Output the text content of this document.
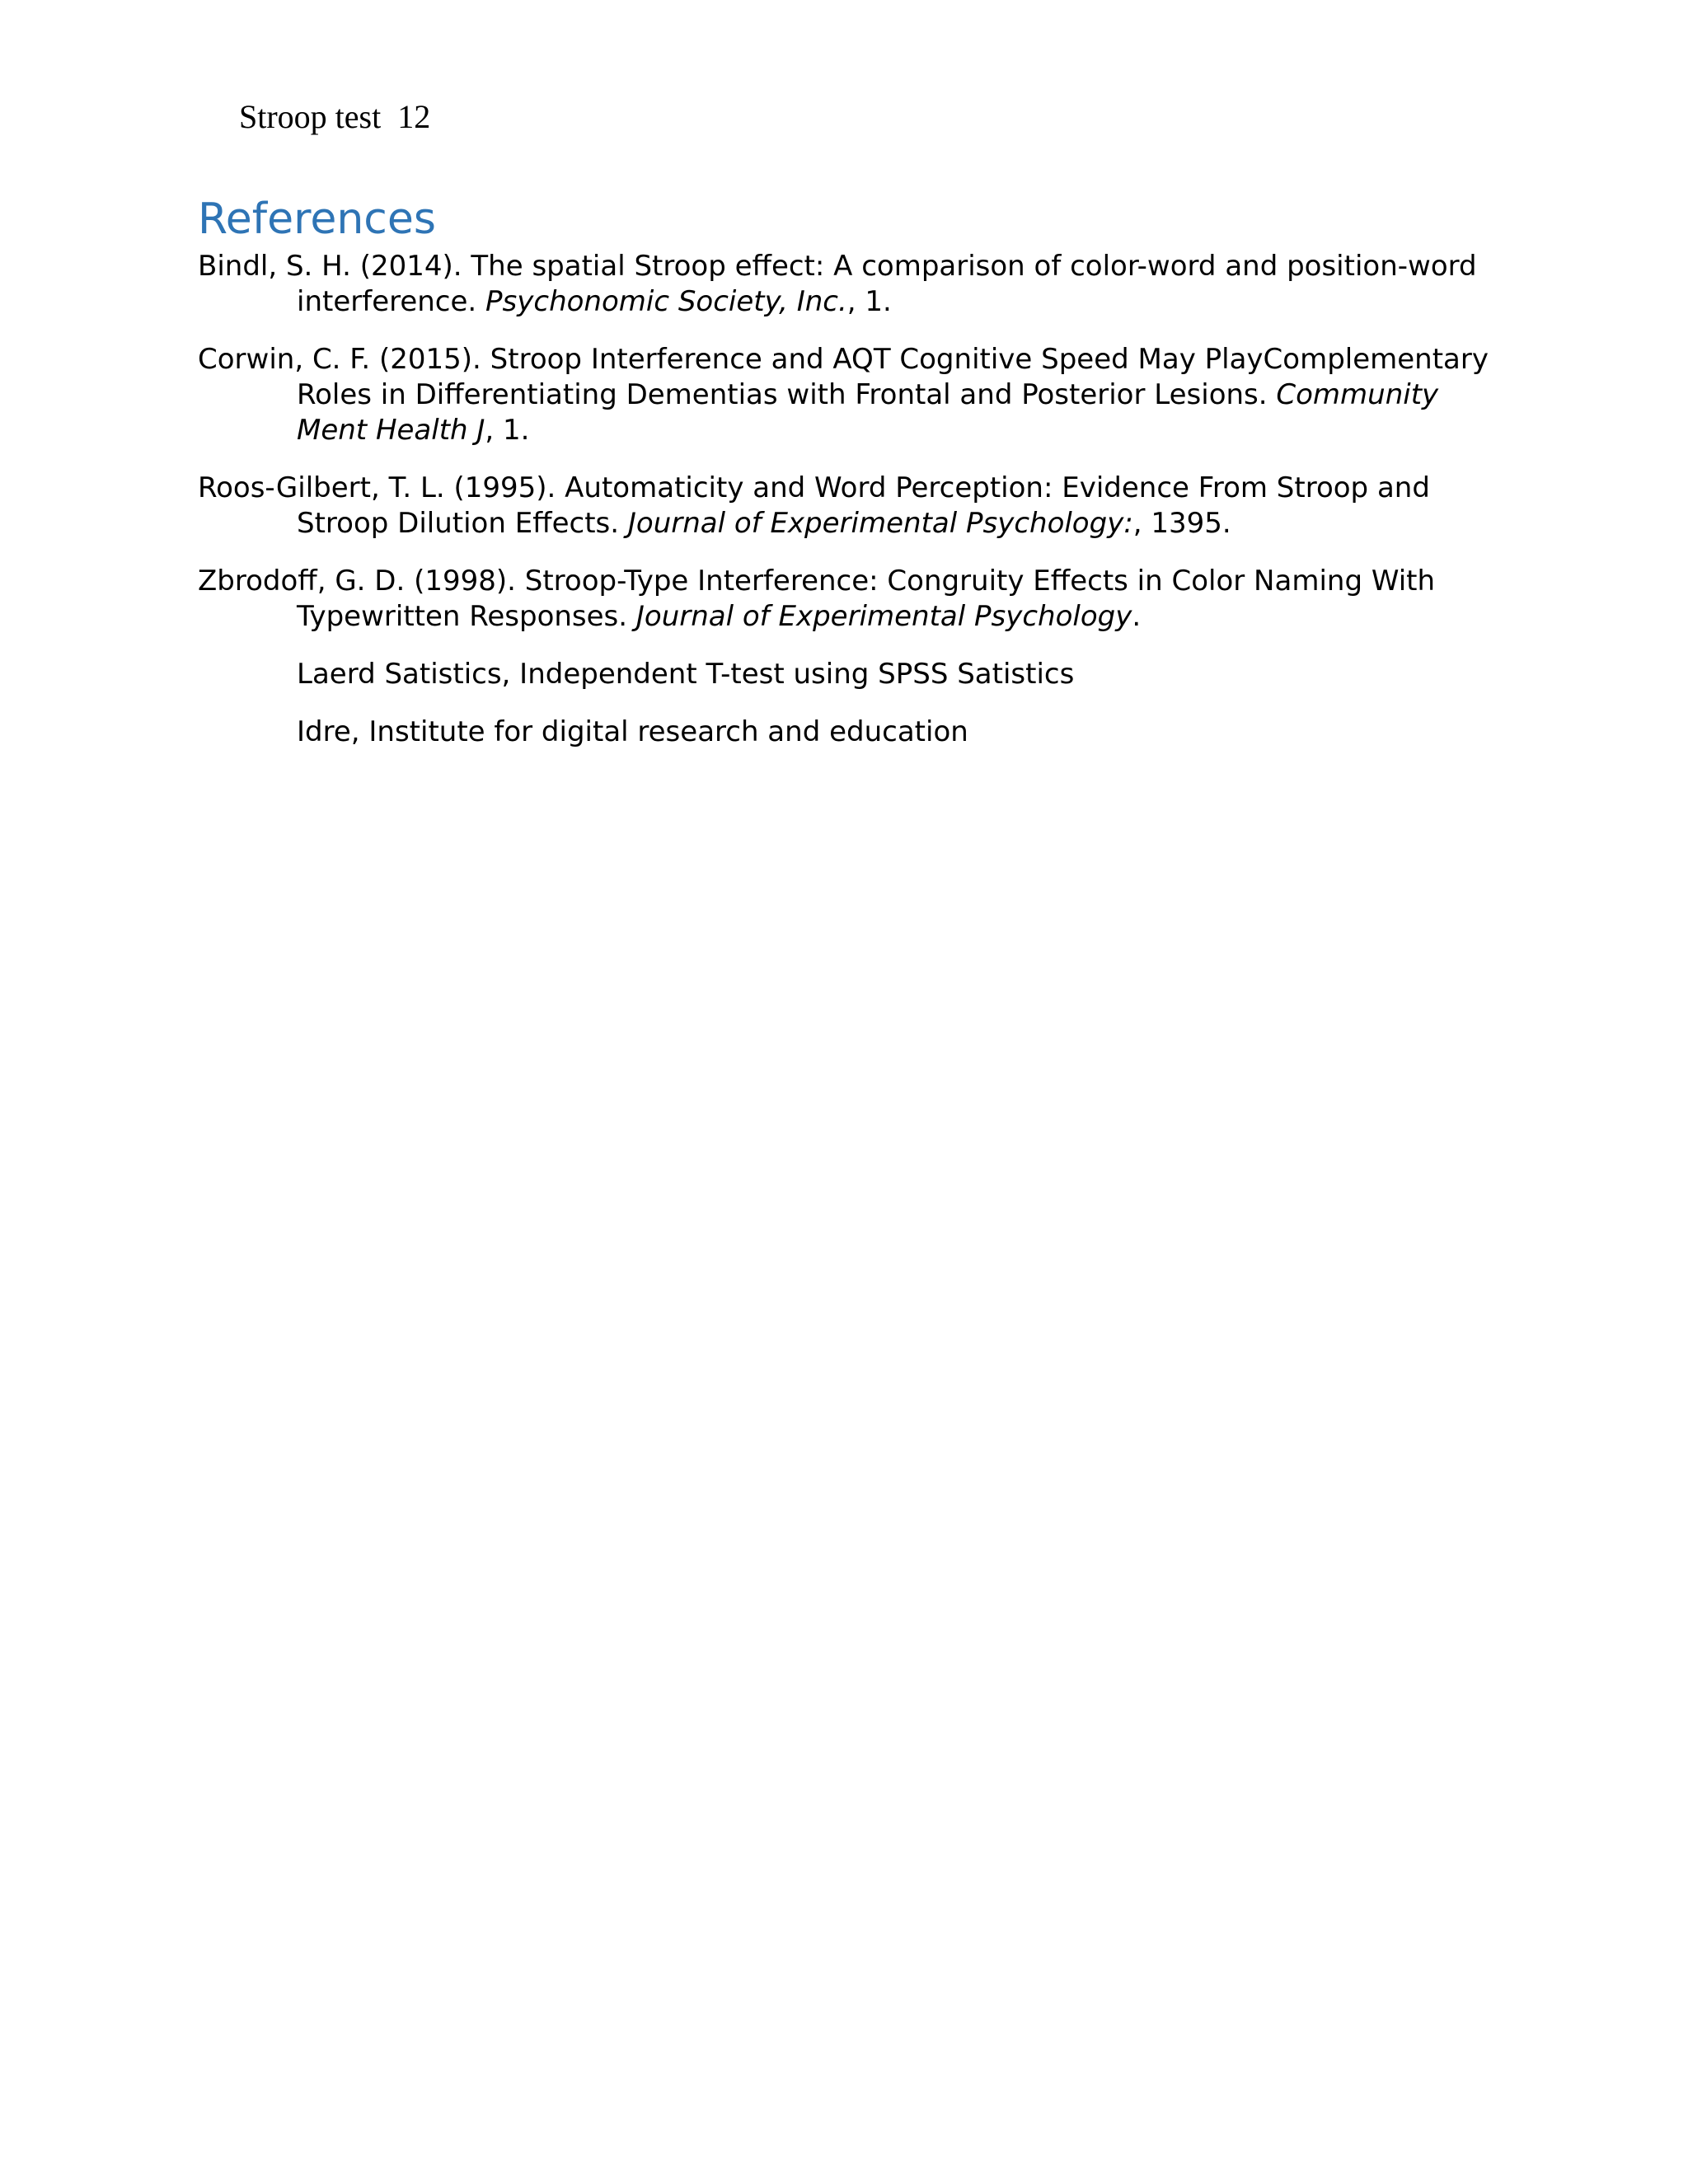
Stroop test  12
References

Bindl, S. H. (2014). The spatial Stroop effect: A comparison of color-word and position-word interference. Psychonomic Society, Inc., 1.

Corwin, C. F. (2015). Stroop Interference and AQT Cognitive Speed May PlayComplementary Roles in Differentiating Dementias with Frontal and Posterior Lesions. Community Ment Health J, 1.

Roos-Gilbert, T. L. (1995). Automaticity and Word Perception: Evidence From Stroop and Stroop Dilution Effects. Journal of Experimental Psychology:, 1395.

Zbrodoff, G. D. (1998). Stroop-Type Interference: Congruity Effects in Color Naming With Typewritten Responses. Journal of Experimental Psychology.

Laerd Satistics, Independent T-test using SPSS Satistics

Idre, Institute for digital research and education
